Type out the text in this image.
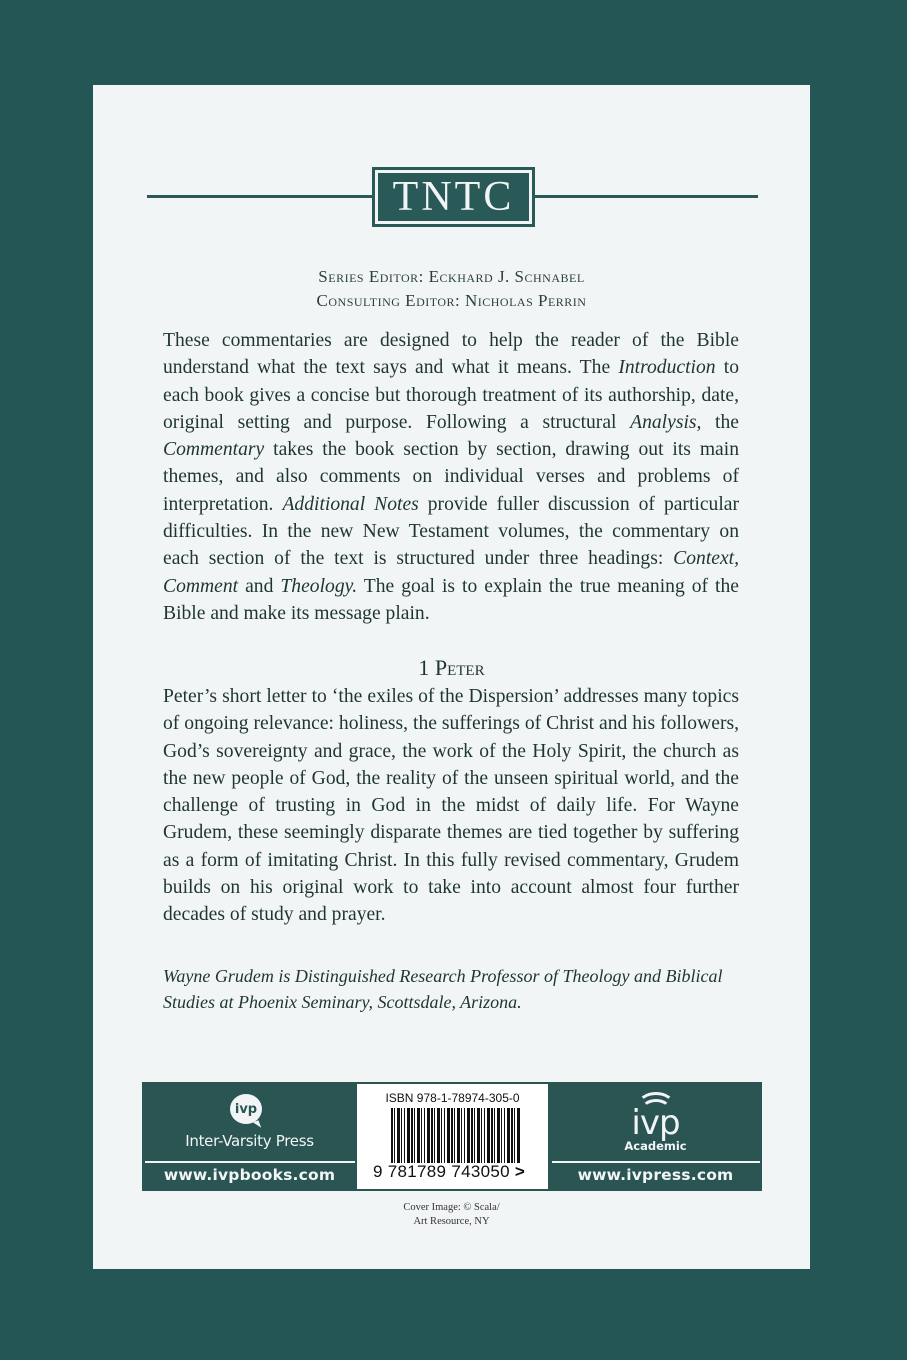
TNTC
Series Editor: Eckhard J. Schnabel
Consulting Editor: Nicholas Perrin

These commentaries are designed to help the reader of the Bible understand what the text says and what it means. The Introduction to each book gives a concise but thorough treatment of its authorship, date, original setting and purpose. Following a structural Analysis, the Commentary takes the book section by section, drawing out its main themes, and also comments on individual verses and problems of interpretation. Additional Notes provide fuller discussion of particular difficulties. In the new New Testament volumes, the commentary on each section of the text is structured under three headings: Context, Comment and Theology. The goal is to explain the true meaning of the Bible and make its message plain.

1 Peter

Peter’s short letter to ‘the exiles of the Dispersion’ addresses many topics of ongoing relevance: holiness, the sufferings of Christ and his followers, God’s sovereignty and grace, the work of the Holy Spirit, the church as the new people of God, the reality of the unseen spiritual world, and the challenge of trusting in God in the midst of daily life. For Wayne Grudem, these seemingly disparate themes are tied together by suffering as a form of imitating Christ. In this fully revised commentary, Grudem builds on his original work to take into account almost four further decades of study and prayer.

Wayne Grudem is Distinguished Research Professor of Theology and Biblical Studies at Phoenix Seminary, Scottsdale, Arizona.
ivp
Inter-Varsity Press
www.ivpbooks.com
ISBN 978-1-78974-305-0
9 781789 743050 >
ivp
Academic
www.ivpress.com
Cover Image: © Scala/
Art Resource, NY
